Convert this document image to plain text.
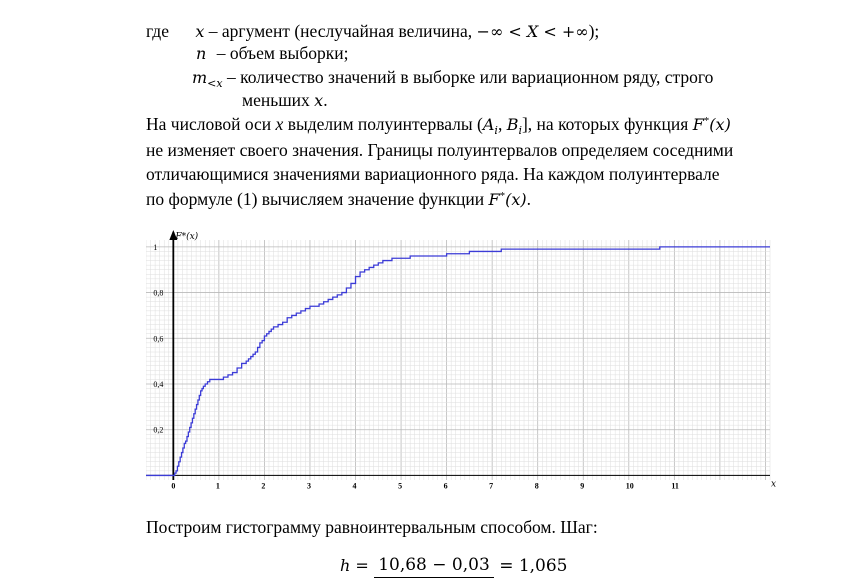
где x – аргумент (неслучайная величина, −∞ < X < +∞);
n – объем выборки;
$m_{<x}$ – количество значений в выборке или вариационном ряду, строго
меньших x.
На числовой оси x выделим полуинтервалы ($A_i$, $B_i$], на которых функция F*(x)
не изменяет своего значения. Границы полуинтервалов определяем соседними
отличающимися значениями вариационного ряда. На каждом полуинтервале
по формуле (1) вычисляем значение функции F*(x).
0	1	2	3	4	5	6	7	8	9	10	11
0,2
0,4
0,6
0,8
1
F*(x)
x
Построим гистограмму равноинтервальным способом. Шаг:
h = 10,68 − 0,03 = 1,065
